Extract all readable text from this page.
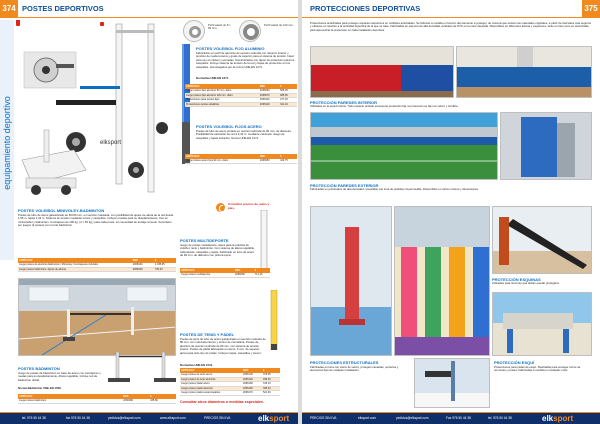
374 POSTES DEPORTIVOS
equipamiento deportivo	elksport
Perfil ataúd de 8 × 83 mm.
Perfil ataúd de 120 mm.
POSTES VOLEIBOL FIJO ALUMINIO
Fabricados en perfil de aluminio de sección redonda con refuerzo interior y provisto de rueda tensora y guías de sujeción para el sistema de tensión. Ideal para uso en clubes y escuelas. Suministrados con tapón de protección para los casquillos. Incluye sistema de tensión de la red y tapas de protección en los casquillos. Homologados por la norma UNE-EN 1271.
Normativa UNE-EN 1271.
ARTÍCULO	REF.	€
Juego postes fijos aluminio 80 mm. diám.	2066060	586,95
Juego postes fijos aluminio 120 mm. diám.	2066070	685,80
Protecciones para postes fijos	2066110	277,45
Protecciones postes abatibles	2066120	321,40
POSTES VOLEIBOL FIJOS ACERO
Postes de tubo de acero pintado en sección redonda de 90 mm. de diámetro. Posibilidad de elevación de red a 2,43 m. mediante manivela. Juego de casquillos y tapas incluidos. Norma UNE-EN 1271.
ARTÍCULO	REF.	€
Juego postes acero fijos 90 mm. diám.	2066050	429,75
Consultar precios de redes y pies.
POSTES VOLEIBOL MINIVOLEY-BADMINTON
Postes de tubo de acero galvanizado de 60×60 mm. en sección cuadrada, con posibilidad de ajuste de altura de la red desde 1,55 m. hasta 2,43 m. Sistema de tensión mediante tensor y casquillos. Incluyen ruedas para su desplazamiento. Uso en minivoleibol y bádminton. Contrapeso de 100 kg. (2 × 50 kg.) para cada poste, sin necesidad de anclaje al suelo. Suministro por juegos (2 postes) con red de bádminton.
ARTÍCULO	REF.	€
Juego postes de aluminio bádminton / Minivoley. Contrapesos incluidos	2066040	1.035,95
Juego postes bádminton. Ajuste de alturas	2066045	735,30
POSTES MULTIDEPORTE
Juego de postes multideporte, aptos para la práctica de voleibol, tenis y bádminton. Con sistema de altura regulable, cabrestante, casquillos y tapas. Fabricado en tubo de acero de 90 mm. de diámetro con pintura epoxi.
ARTÍCULO	REF.	€
Juego postes multideporte	2066080	714,15
POSTES BÁDMINTON
Juego de postes de bádminton en base de acero con contrapeso y ruedas para su desplazamiento. Altura regulable. Incluye red de bádminton oficial.
Norma Bádminton UNE-EN 1509.
ARTÍCULO	REF.	€
Juego postes bádminton	2066090	435,80
POSTES DE TENIS Y PÁDEL
Postes de tenis de tubo de acero galvanizado en sección redonda de 80 mm. con manivela interior y tensor de cremallera. Postes de aluminio de sección redonda de 80 mm. con sistema de tensión interior. Postes de pádel fabricados en acero, 6 mm. de espesor, aptos para todo tipo de pistas. Incluyen tapas, casquillos y tensor.
Normativa UNE-EN 1510.
ARTÍCULO	REF.	€
Juego postes de tenis acero	2066130	378,95
Juego postes de tenis aluminio	2066140	459,30
Juego postes pádel acero	2066150	315,10
Juego postes pádel aluminio	2066160	395,40
Juego postes pádel escamoteables	2066170	521,60
Consultar otros diámetros o medidas especiales.
tel. 976 50 44 38	fax 976 50 44 38	pedidos@elksport.com	www.elksport.com	PRECIOS SIN IVA	elksport
PROTECCIONES DEPORTIVAS	375
Protecciones acolchadas para proteger espacios deportivos en múltiples actividades. Se fabrican a medida en función del elemento a proteger, de manera que existen los materiales originales, a partir de intervalos más seguros y eficaces en relación a la actividad deportiva de la que se trate. Fabricadas en espuma de alta densidad. Acabado de PVC en la color deseada. Disponibles en diferentes alturas y espesores, tanto en lisa como en texturizada para aprovechar la protección en cada instalación deportiva.
PROTECCIÓN PAREDES INTERIOR
Utilizadas en la pared interior. Todo espacio pintado presupone protección fija, la protección se fija con velcro y tornillos.
PROTECCIÓN PAREDES EXTERIOR
Fabricadas en poliuretano de alta densidad, revestidas con lona de poliéster impermeable. Disponibles en varios colores y dimensiones.
PROTECCIÓN ESQUINAS
Indicadas para rincones que deban quedar protegidos.
PROTECCIONES ESTRUCTURALES
Fabricadas en lona con cierre de velcro, protegen canastas, porterías y elementos fijos de cualquier instalación.
PROTECCIÓN ESQUÍ
Protecciones para pistas de esquí. Diseñadas para proteger torres de remontes y postes. Fabricadas a medida en cualquier color.
PRECIOS SIN IVA	elksport.com	pedidos@elksport.com	Fax 976 50 44 38	tel. 976 50 44 38	elksport
